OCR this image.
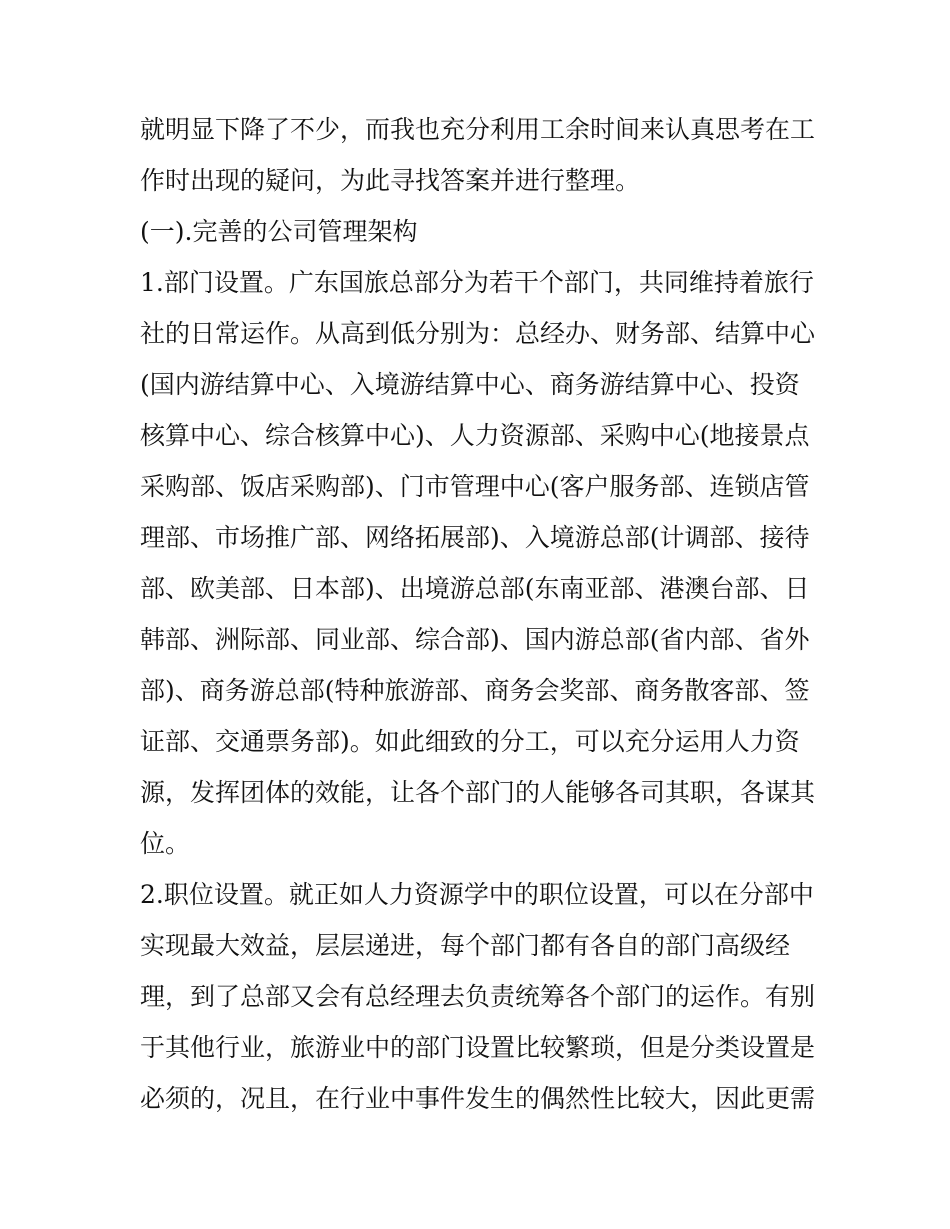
就明显下降了不少，而我也充分利用工余时间来认真思考在工
作时出现的疑问，为此寻找答案并进行整理。
(一).完善的公司管理架构
1.部门设置。广东国旅总部分为若干个部门，共同维持着旅行
社的日常运作。从高到低分别为：总经办、财务部、结算中心
(国内游结算中心、入境游结算中心、商务游结算中心、投资
核算中心、综合核算中心)、人力资源部、采购中心(地接景点
采购部、饭店采购部)、门市管理中心(客户服务部、连锁店管
理部、市场推广部、网络拓展部)、入境游总部(计调部、接待
部、欧美部、日本部)、出境游总部(东南亚部、港澳台部、日
韩部、洲际部、同业部、综合部)、国内游总部(省内部、省外
部)、商务游总部(特种旅游部、商务会奖部、商务散客部、签
证部、交通票务部)。如此细致的分工，可以充分运用人力资
源，发挥团体的效能，让各个部门的人能够各司其职，各谋其
位。
2.职位设置。就正如人力资源学中的职位设置，可以在分部中
实现最大效益，层层递进，每个部门都有各自的部门高级经
理，到了总部又会有总经理去负责统筹各个部门的运作。有别
于其他行业，旅游业中的部门设置比较繁琐，但是分类设置是
必须的，况且，在行业中事件发生的偶然性比较大，因此更需
